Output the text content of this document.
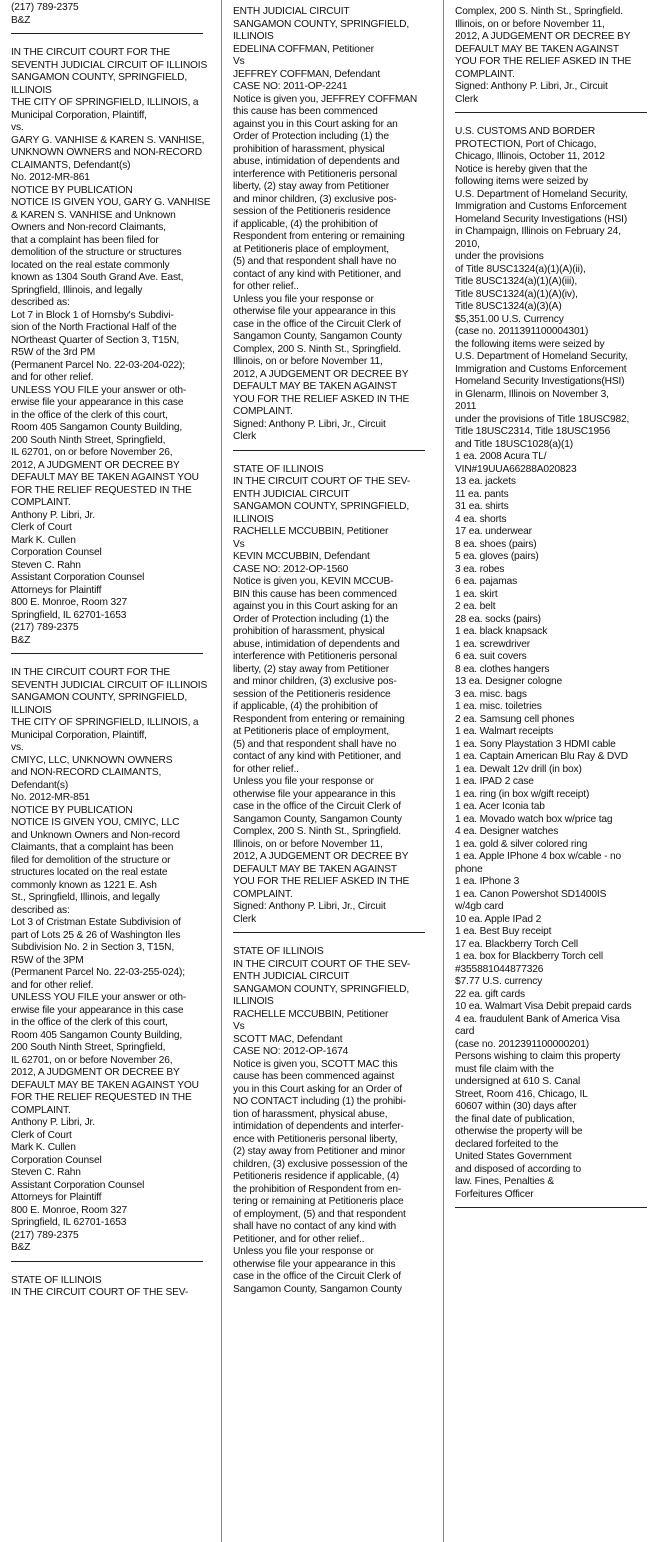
(217) 789-2375
B&Z
IN THE CIRCUIT COURT FOR THE
SEVENTH JUDICIAL CIRCUIT OF ILLINOIS
SANGAMON COUNTY, SPRINGFIELD,
ILLINOIS
THE CITY OF SPRINGFIELD, ILLINOIS, a
Municipal Corporation, Plaintiff,
vs.
GARY G. VANHISE & KAREN S. VANHISE,
UNKNOWN OWNERS and NON-RECORD
CLAIMANTS, Defendant(s)
No. 2012-MR-861
NOTICE BY PUBLICATION
NOTICE IS GIVEN YOU, GARY G. VANHISE
& KAREN S. VANHISE and Unknown
Owners and Non-record Claimants,
that a complaint has been filed for
demolition of the structure or structures
located on the real estate commonly
known as 1304 South Grand Ave. East,
Springfield, Illinois, and legally
described as:
Lot 7 in Block 1 of Hornsby's Subdivi-
sion of the North Fractional Half of the
NOrtheast Quarter of Section 3, T15N,
R5W of the 3rd PM
(Permanent Parcel No. 22-03-204-022);
and for other relief.
UNLESS YOU FILE your answer or oth-
erwise file your appearance in this case
in the office of the clerk of this court,
Room 405 Sangamon County Building,
200 South Ninth Street, Springfield,
IL 62701, on or before November 26,
2012, A JUDGMENT OR DECREE BY
DEFAULT MAY BE TAKEN AGAINST YOU
FOR THE RELIEF REQUESTED IN THE
COMPLAINT.
Anthony P. Libri, Jr.
Clerk of Court
Mark K. Cullen
Corporation Counsel
Steven C. Rahn
Assistant Corporation Counsel
Attorneys for Plaintiff
800 E. Monroe, Room 327
Springfield, IL 62701-1653
(217) 789-2375
B&Z
IN THE CIRCUIT COURT FOR THE
SEVENTH JUDICIAL CIRCUIT OF ILLINOIS
SANGAMON COUNTY, SPRINGFIELD,
ILLINOIS
THE CITY OF SPRINGFIELD, ILLINOIS, a
Municipal Corporation, Plaintiff,
vs.
CMIYC, LLC, UNKNOWN OWNERS
and NON-RECORD CLAIMANTS,
Defendant(s)
No. 2012-MR-851
NOTICE BY PUBLICATION
NOTICE IS GIVEN YOU, CMIYC, LLC
and Unknown Owners and Non-record
Claimants, that a complaint has been
filed for demolition of the structure or
structures located on the real estate
commonly known as 1221 E. Ash
St., Springfield, Illinois, and legally
described as:
Lot 3 of Cristman Estate Subdivision of
part of Lots 25 & 26 of Washington Iles
Subdivision No. 2 in Section 3, T15N,
R5W of the 3PM
(Permanent Parcel No. 22-03-255-024);
and for other relief.
UNLESS YOU FILE your answer or oth-
erwise file your appearance in this case
in the office of the clerk of this court,
Room 405 Sangamon County Building,
200 South Ninth Street, Springfield,
IL 62701, on or before November 26,
2012, A JUDGMENT OR DECREE BY
DEFAULT MAY BE TAKEN AGAINST YOU
FOR THE RELIEF REQUESTED IN THE
COMPLAINT.
Anthony P. Libri, Jr.
Clerk of Court
Mark K. Cullen
Corporation Counsel
Steven C. Rahn
Assistant Corporation Counsel
Attorneys for Plaintiff
800 E. Monroe, Room 327
Springfield, IL 62701-1653
(217) 789-2375
B&Z
STATE OF ILLINOIS
IN THE CIRCUIT COURT OF THE SEV-
ENTH JUDICIAL CIRCUIT
SANGAMON COUNTY, SPRINGFIELD,
ILLINOIS
EDELINA COFFMAN, Petitioner
Vs
JEFFREY COFFMAN, Defendant
CASE NO: 2011-OP-2241
Notice is given you, JEFFREY COFFMAN
this cause has been commenced
against you in this Court asking for an
Order of Protection including (1) the
prohibition of harassment, physical
abuse, intimidation of dependents and
interference with Petitioneris personal
liberty, (2) stay away from Petitioner
and minor children, (3) exclusive pos-
session of the Petitioneris residence
if applicable, (4) the prohibition of
Respondent from entering or remaining
at Petitioneris place of employment,
(5) and that respondent shall have no
contact of any kind with Petitioner, and
for other relief..
Unless you file your response or
otherwise file your appearance in this
case in the office of the Circuit Clerk of
Sangamon County, Sangamon County
Complex, 200 S. Ninth St., Springfield.
Illinois, on or before November 11,
2012, A JUDGEMENT OR DECREE BY
DEFAULT MAY BE TAKEN AGAINST
YOU FOR THE RELIEF ASKED IN THE
COMPLAINT.
Signed: Anthony P. Libri, Jr., Circuit
Clerk
STATE OF ILLINOIS
IN THE CIRCUIT COURT OF THE SEV-
ENTH JUDICIAL CIRCUIT
SANGAMON COUNTY, SPRINGFIELD,
ILLINOIS
RACHELLE MCCUBBIN, Petitioner
Vs
KEVIN MCCUBBIN, Defendant
CASE NO: 2012-OP-1560
Notice is given you, KEVIN MCCUB-
BIN this cause has been commenced
against you in this Court asking for an
Order of Protection including (1) the
prohibition of harassment, physical
abuse, intimidation of dependents and
interference with Petitioneris personal
liberty, (2) stay away from Petitioner
and minor children, (3) exclusive pos-
session of the Petitioneris residence
if applicable, (4) the prohibition of
Respondent from entering or remaining
at Petitioneris place of employment,
(5) and that respondent shall have no
contact of any kind with Petitioner, and
for other relief..
Unless you file your response or
otherwise file your appearance in this
case in the office of the Circuit Clerk of
Sangamon County, Sangamon County
Complex, 200 S. Ninth St., Springfield.
Illinois, on or before November 11,
2012, A JUDGEMENT OR DECREE BY
DEFAULT MAY BE TAKEN AGAINST
YOU FOR THE RELIEF ASKED IN THE
COMPLAINT.
Signed: Anthony P. Libri, Jr., Circuit
Clerk
STATE OF ILLINOIS
IN THE CIRCUIT COURT OF THE SEV-
ENTH JUDICIAL CIRCUIT
SANGAMON COUNTY, SPRINGFIELD,
ILLINOIS
RACHELLE MCCUBBIN, Petitioner
Vs
SCOTT MAC, Defendant
CASE NO: 2012-OP-1674
Notice is given you, SCOTT MAC this
cause has been commenced against
you in this Court asking for an Order of
NO CONTACT including (1) the prohibi-
tion of harassment, physical abuse,
intimidation of dependents and interfer-
ence with Petitioneris personal liberty,
(2) stay away from Petitioner and minor
children, (3) exclusive possession of the
Petitioneris residence if applicable, (4)
the prohibition of Respondent from en-
tering or remaining at Petitioneris place
of employment, (5) and that respondent
shall have no contact of any kind with
Petitioner, and for other relief..
Unless you file your response or
otherwise file your appearance in this
case in the office of the Circuit Clerk of
Sangamon County, Sangamon County
Complex, 200 S. Ninth St., Springfield.
Illinois, on or before November 11,
2012, A JUDGEMENT OR DECREE BY
DEFAULT MAY BE TAKEN AGAINST
YOU FOR THE RELIEF ASKED IN THE
COMPLAINT.
Signed: Anthony P. Libri, Jr., Circuit
Clerk
U.S. CUSTOMS AND BORDER
PROTECTION, Port of Chicago,
Chicago, Illinois, October 11, 2012
Notice is hereby given that the
following items were seized by
U.S. Department of Homeland Security,
Immigration and Customs Enforcement
Homeland Security Investigations (HSI)
in Champaign, Illinois on February 24,
2010,
under the provisions
of Title 8USC1324(a)(1)(A)(ii),
Title 8USC1324(a)(1)(A)(iii),
Title 8USC1324(a)(1)(A)(iv),
Title 8USC1324(a)(3)(A)
$5,351.00 U.S. Currency
(case no. 2011391100004301)
the following items were seized by
U.S. Department of Homeland Security,
Immigration and Customs Enforcement
Homeland Security Investigations(HSI)
in Glenarm, Illinois on November 3,
2011
under the provisions of Title 18USC982,
Title 18USC2314, Title 18USC1956
and Title 18USC1028(a)(1)
1 ea. 2008 Acura TL/
VIN#19UUA66288A020823
13 ea. jackets
11 ea. pants
31 ea. shirts
4 ea. shorts
17 ea. underwear
8 ea. shoes (pairs)
5 ea. gloves (pairs)
3 ea. robes
6 ea. pajamas
1 ea. skirt
2 ea. belt
28 ea. socks (pairs)
1 ea. black knapsack
1 ea. screwdriver
6 ea. suit covers
8 ea. clothes hangers
13 ea. Designer cologne
3 ea. misc. bags
1 ea. misc. toiletries
2 ea. Samsung cell phones
1 ea. Walmart receipts
1 ea. Sony Playstation 3 HDMI cable
1 ea. Captain American Blu Ray & DVD
1 ea. Dewalt 12v drill (in box)
1 ea. IPAD 2 case
1 ea. ring (in box w/gift receipt)
1 ea. Acer Iconia tab
1 ea. Movado watch box w/price tag
4 ea. Designer watches
1 ea. gold & silver colored ring
1 ea. Apple IPhone 4 box w/cable - no
phone
1 ea. IPhone 3
1 ea. Canon Powershot SD1400IS
w/4gb card
10 ea. Apple IPad 2
1 ea. Best Buy receipt
17 ea. Blackberry Torch Cell
1 ea. box for Blackberry Torch cell
#355881044877326
$7.77 U.S. currency
22 ea. gift cards
10 ea. Walmart Visa Debit prepaid cards
4 ea. fraudulent Bank of America Visa
card
(case no. 2012391100000201)
Persons wishing to claim this property
must file claim with the
undersigned at 610 S. Canal
Street, Room 416, Chicago, IL
60607 within (30) days after
the final date of publication,
otherwise the property will be
declared forfeited to the
United States Government
and disposed of according to
law. Fines, Penalties &
Forfeitures Officer
